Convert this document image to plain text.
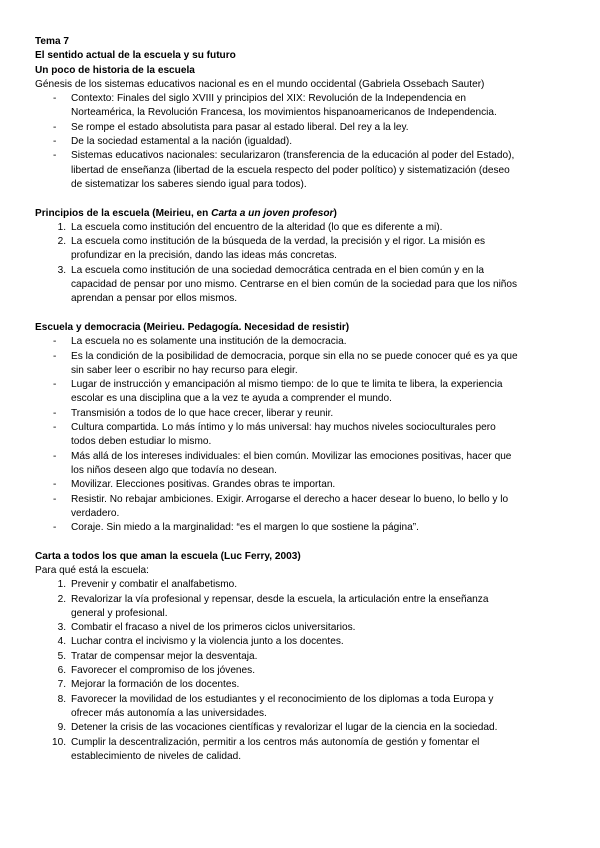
Tema 7

El sentido actual de la escuela y su futuro

Un poco de historia de la escuela

Génesis de los sistemas educativos nacional es en el mundo occidental (Gabriela Ossebach Sauter)

- Contexto: Finales del siglo XVIII y principios del XIX: Revolución de la Independencia en
Norteamérica, la Revolución Francesa, los movimientos hispanoamericanos de Independencia.
- Se rompe el estado absolutista para pasar al estado liberal. Del rey a la ley.
- De la sociedad estamental a la nación (igualdad).
- Sistemas educativos nacionales: secularizaron (transferencia de la educación al poder del Estado),
libertad de enseñanza (libertad de la escuela respecto del poder político) y sistematización (deseo
de sistematizar los saberes siendo igual para todos).
Principios de la escuela (Meirieu, en Carta a un joven profesor)
1. La escuela como institución del encuentro de la alteridad (lo que es diferente a mi).
2. La escuela como institución de la búsqueda de la verdad, la precisión y el rigor. La misión es
profundizar en la precisión, dando las ideas más concretas.
3. La escuela como institución de una sociedad democrática centrada en el bien común y en la
capacidad de pensar por uno mismo. Centrarse en el bien común de la sociedad para que los niños
aprendan a pensar por ellos mismos.
Escuela y democracia (Meirieu. Pedagogía. Necesidad de resistir)
- La escuela no es solamente una institución de la democracia.
- Es la condición de la posibilidad de democracia, porque sin ella no se puede conocer qué es ya que
sin saber leer o escribir no hay recurso para elegir.
- Lugar de instrucción y emancipación al mismo tiempo: de lo que te limita te libera, la experiencia
escolar es una disciplina que a la vez te ayuda a comprender el mundo.
- Transmisión a todos de lo que hace crecer, liberar y reunir.
- Cultura compartida. Lo más íntimo y lo más universal: hay muchos niveles socioculturales pero
todos deben estudiar lo mismo.
- Más allá de los intereses individuales: el bien común. Movilizar las emociones positivas, hacer que
los niños deseen algo que todavía no desean.
- Movilizar. Elecciones positivas. Grandes obras te importan.
- Resistir. No rebajar ambiciones. Exigir. Arrogarse el derecho a hacer desear lo bueno, lo bello y lo
verdadero.
- Coraje. Sin miedo a la marginalidad: “es el margen lo que sostiene la página”.
Carta a todos los que aman la escuela (Luc Ferry, 2003)

Para qué está la escuela:

1. Prevenir y combatir el analfabetismo.
2. Revalorizar la vía profesional y repensar, desde la escuela, la articulación entre la enseñanza
general y profesional.
3. Combatir el fracaso a nivel de los primeros ciclos universitarios.
4. Luchar contra el incivismo y la violencia junto a los docentes.
5. Tratar de compensar mejor la desventaja.
6. Favorecer el compromiso de los jóvenes.
7. Mejorar la formación de los docentes.
8. Favorecer la movilidad de los estudiantes y el reconocimiento de los diplomas a toda Europa y
ofrecer más autonomía a las universidades.
9. Detener la crisis de las vocaciones científicas y revalorizar el lugar de la ciencia en la sociedad.
10. Cumplir la descentralización, permitir a los centros más autonomía de gestión y fomentar el
establecimiento de niveles de calidad.
